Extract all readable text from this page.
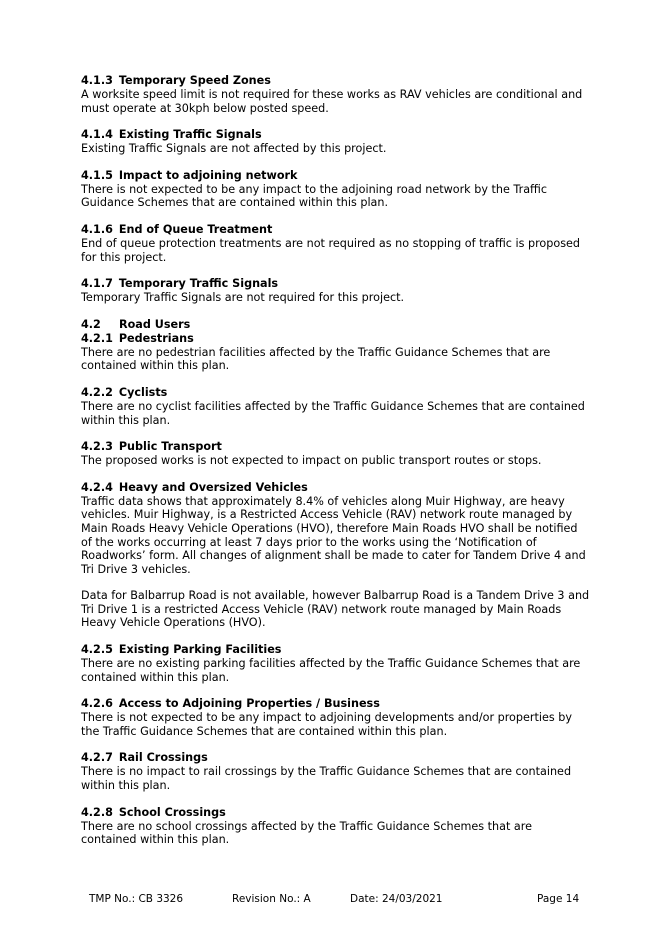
4.1.3 Temporary Speed Zones

A worksite speed limit is not required for these works as RAV vehicles are conditional and must operate at 30kph below posted speed.

4.1.4 Existing Traffic Signals

Existing Traffic Signals are not affected by this project.

4.1.5 Impact to adjoining network

There is not expected to be any impact to the adjoining road network by the Traffic Guidance Schemes that are contained within this plan.

4.1.6 End of Queue Treatment

End of queue protection treatments are not required as no stopping of traffic is proposed for this project.

4.1.7 Temporary Traffic Signals

Temporary Traffic Signals are not required for this project.

4.2 Road Users

4.2.1 Pedestrians

There are no pedestrian facilities affected by the Traffic Guidance Schemes that are contained within this plan.

4.2.2 Cyclists

There are no cyclist facilities affected by the Traffic Guidance Schemes that are contained within this plan.

4.2.3 Public Transport

The proposed works is not expected to impact on public transport routes or stops.

4.2.4 Heavy and Oversized Vehicles

Traffic data shows that approximately 8.4% of vehicles along Muir Highway, are heavy vehicles. Muir Highway, is a Restricted Access Vehicle (RAV) network route managed by Main Roads Heavy Vehicle Operations (HVO), therefore Main Roads HVO shall be notified of the works occurring at least 7 days prior to the works using the ‘Notification of Roadworks’ form. All changes of alignment shall be made to cater for Tandem Drive 4 and Tri Drive 3 vehicles.

Data for Balbarrup Road is not available, however Balbarrup Road is a Tandem Drive 3 and Tri Drive 1 is a restricted Access Vehicle (RAV) network route managed by Main Roads Heavy Vehicle Operations (HVO).

4.2.5 Existing Parking Facilities

There are no existing parking facilities affected by the Traffic Guidance Schemes that are contained within this plan.

4.2.6 Access to Adjoining Properties / Business

There is not expected to be any impact to adjoining developments and/or properties by the Traffic Guidance Schemes that are contained within this plan.

4.2.7 Rail Crossings

There is no impact to rail crossings by the Traffic Guidance Schemes that are contained within this plan.

4.2.8 School Crossings

There are no school crossings affected by the Traffic Guidance Schemes that are contained within this plan.

TMP No.: CB 3326	Revision No.: A	Date: 24/03/2021	Page 14
